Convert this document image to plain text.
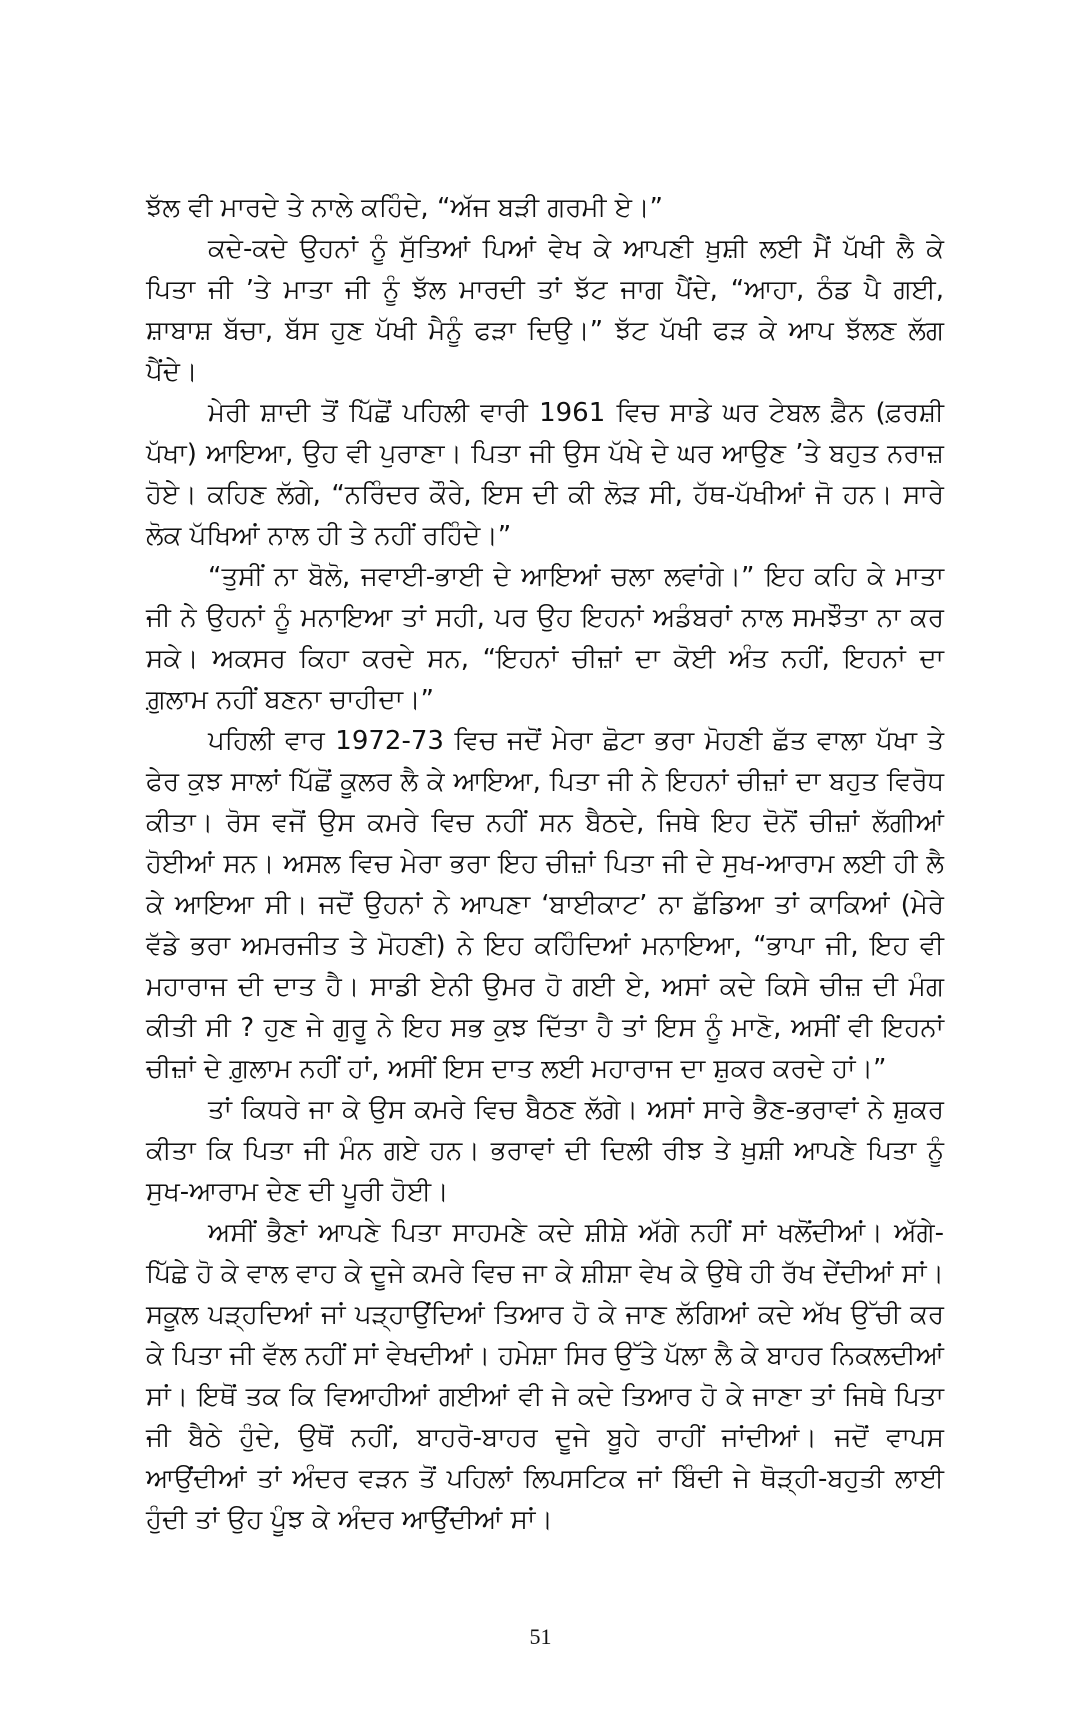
ਝੱਲ ਵੀ ਮਾਰਦੇ ਤੇ ਨਾਲੇ ਕਹਿੰਦੇ, “ਅੱਜ ਬੜੀ ਗਰਮੀ ਏ।”

ਕਦੇ-ਕਦੇ ਉਹਨਾਂ ਨੂੰ ਸੁੱਤਿਆਂ ਪਿਆਂ ਵੇਖ ਕੇ ਆਪਣੀ ਖ਼ੁਸ਼ੀ ਲਈ ਮੈਂ ਪੱਖੀ ਲੈ ਕੇ ਪਿਤਾ ਜੀ ’ਤੇ ਮਾਤਾ ਜੀ ਨੂੰ ਝੱਲ ਮਾਰਦੀ ਤਾਂ ਝੱਟ ਜਾਗ ਪੈਂਦੇ, “ਆਹਾ, ਠੰਡ ਪੈ ਗਈ, ਸ਼ਾਬਾਸ਼ ਬੱਚਾ, ਬੱਸ ਹੁਣ ਪੱਖੀ ਮੈਨੂੰ ਫੜਾ ਦਿਉ।” ਝੱਟ ਪੱਖੀ ਫੜ ਕੇ ਆਪ ਝੱਲਣ ਲੱਗ ਪੈਂਦੇ।

ਮੇਰੀ ਸ਼ਾਦੀ ਤੋਂ ਪਿੱਛੋਂ ਪਹਿਲੀ ਵਾਰੀ 1961 ਵਿਚ ਸਾਡੇ ਘਰ ਟੇਬਲ ਫ਼ੈਨ (ਫ਼ਰਸ਼ੀ ਪੱਖਾ) ਆਇਆ, ਉਹ ਵੀ ਪੁਰਾਣਾ। ਪਿਤਾ ਜੀ ਉਸ ਪੱਖੇ ਦੇ ਘਰ ਆਉਣ ’ਤੇ ਬਹੁਤ ਨਰਾਜ਼ ਹੋਏ। ਕਹਿਣ ਲੱਗੇ, “ਨਰਿੰਦਰ ਕੌਰੇ, ਇਸ ਦੀ ਕੀ ਲੋੜ ਸੀ, ਹੱਥ-ਪੱਖੀਆਂ ਜੋ ਹਨ। ਸਾਰੇ ਲੋਕ ਪੱਖਿਆਂ ਨਾਲ ਹੀ ਤੇ ਨਹੀਂ ਰਹਿੰਦੇ।”

“ਤੁਸੀਂ ਨਾ ਬੋਲੋ, ਜਵਾਈ-ਭਾਈ ਦੇ ਆਇਆਂ ਚਲਾ ਲਵਾਂਗੇ।” ਇਹ ਕਹਿ ਕੇ ਮਾਤਾ ਜੀ ਨੇ ਉਹਨਾਂ ਨੂੰ ਮਨਾਇਆ ਤਾਂ ਸਹੀ, ਪਰ ਉਹ ਇਹਨਾਂ ਅਡੰਬਰਾਂ ਨਾਲ ਸਮਝੌਤਾ ਨਾ ਕਰ ਸਕੇ। ਅਕਸਰ ਕਿਹਾ ਕਰਦੇ ਸਨ, “ਇਹਨਾਂ ਚੀਜ਼ਾਂ ਦਾ ਕੋਈ ਅੰਤ ਨਹੀਂ, ਇਹਨਾਂ ਦਾ ਗ਼ੁਲਾਮ ਨਹੀਂ ਬਣਨਾ ਚਾਹੀਦਾ।”

ਪਹਿਲੀ ਵਾਰ 1972-73 ਵਿਚ ਜਦੋਂ ਮੇਰਾ ਛੋਟਾ ਭਰਾ ਮੋਹਣੀ ਛੱਤ ਵਾਲਾ ਪੱਖਾ ਤੇ ਫੇਰ ਕੁਝ ਸਾਲਾਂ ਪਿੱਛੋਂ ਕੂਲਰ ਲੈ ਕੇ ਆਇਆ, ਪਿਤਾ ਜੀ ਨੇ ਇਹਨਾਂ ਚੀਜ਼ਾਂ ਦਾ ਬਹੁਤ ਵਿਰੋਧ ਕੀਤਾ। ਰੋਸ ਵਜੋਂ ਉਸ ਕਮਰੇ ਵਿਚ ਨਹੀਂ ਸਨ ਬੈਠਦੇ, ਜਿਥੇ ਇਹ ਦੋਨੋਂ ਚੀਜ਼ਾਂ ਲੱਗੀਆਂ ਹੋਈਆਂ ਸਨ। ਅਸਲ ਵਿਚ ਮੇਰਾ ਭਰਾ ਇਹ ਚੀਜ਼ਾਂ ਪਿਤਾ ਜੀ ਦੇ ਸੁਖ-ਆਰਾਮ ਲਈ ਹੀ ਲੈ ਕੇ ਆਇਆ ਸੀ। ਜਦੋਂ ਉਹਨਾਂ ਨੇ ਆਪਣਾ ‘ਬਾਈਕਾਟ’ ਨਾ ਛੱਡਿਆ ਤਾਂ ਕਾਕਿਆਂ (ਮੇਰੇ ਵੱਡੇ ਭਰਾ ਅਮਰਜੀਤ ਤੇ ਮੋਹਣੀ) ਨੇ ਇਹ ਕਹਿੰਦਿਆਂ ਮਨਾਇਆ, “ਭਾਪਾ ਜੀ, ਇਹ ਵੀ ਮਹਾਰਾਜ ਦੀ ਦਾਤ ਹੈ। ਸਾਡੀ ਏਨੀ ਉਮਰ ਹੋ ਗਈ ਏ, ਅਸਾਂ ਕਦੇ ਕਿਸੇ ਚੀਜ਼ ਦੀ ਮੰਗ ਕੀਤੀ ਸੀ ? ਹੁਣ ਜੇ ਗੁਰੂ ਨੇ ਇਹ ਸਭ ਕੁਝ ਦਿੱਤਾ ਹੈ ਤਾਂ ਇਸ ਨੂੰ ਮਾਣੋ, ਅਸੀਂ ਵੀ ਇਹਨਾਂ ਚੀਜ਼ਾਂ ਦੇ ਗ਼ੁਲਾਮ ਨਹੀਂ ਹਾਂ, ਅਸੀਂ ਇਸ ਦਾਤ ਲਈ ਮਹਾਰਾਜ ਦਾ ਸ਼ੁਕਰ ਕਰਦੇ ਹਾਂ।”

ਤਾਂ ਕਿਧਰੇ ਜਾ ਕੇ ਉਸ ਕਮਰੇ ਵਿਚ ਬੈਠਣ ਲੱਗੇ। ਅਸਾਂ ਸਾਰੇ ਭੈਣ-ਭਰਾਵਾਂ ਨੇ ਸ਼ੁਕਰ ਕੀਤਾ ਕਿ ਪਿਤਾ ਜੀ ਮੰਨ ਗਏ ਹਨ। ਭਰਾਵਾਂ ਦੀ ਦਿਲੀ ਰੀਝ ਤੇ ਖ਼ੁਸ਼ੀ ਆਪਣੇ ਪਿਤਾ ਨੂੰ ਸੁਖ-ਆਰਾਮ ਦੇਣ ਦੀ ਪੂਰੀ ਹੋਈ।

ਅਸੀਂ ਭੈਣਾਂ ਆਪਣੇ ਪਿਤਾ ਸਾਹਮਣੇ ਕਦੇ ਸ਼ੀਸ਼ੇ ਅੱਗੇ ਨਹੀਂ ਸਾਂ ਖਲੋਂਦੀਆਂ। ਅੱਗੇ-ਪਿੱਛੇ ਹੋ ਕੇ ਵਾਲ ਵਾਹ ਕੇ ਦੂਜੇ ਕਮਰੇ ਵਿਚ ਜਾ ਕੇ ਸ਼ੀਸ਼ਾ ਵੇਖ ਕੇ ਉਥੇ ਹੀ ਰੱਖ ਦੇਂਦੀਆਂ ਸਾਂ। ਸਕੂਲ ਪੜ੍ਹਦਿਆਂ ਜਾਂ ਪੜ੍ਹਾਉਂਦਿਆਂ ਤਿਆਰ ਹੋ ਕੇ ਜਾਣ ਲੱਗਿਆਂ ਕਦੇ ਅੱਖ ਉੱਚੀ ਕਰ ਕੇ ਪਿਤਾ ਜੀ ਵੱਲ ਨਹੀਂ ਸਾਂ ਵੇਖਦੀਆਂ। ਹਮੇਸ਼ਾ ਸਿਰ ਉੱਤੇ ਪੱਲਾ ਲੈ ਕੇ ਬਾਹਰ ਨਿਕਲਦੀਆਂ ਸਾਂ। ਇਥੋਂ ਤਕ ਕਿ ਵਿਆਹੀਆਂ ਗਈਆਂ ਵੀ ਜੇ ਕਦੇ ਤਿਆਰ ਹੋ ਕੇ ਜਾਣਾ ਤਾਂ ਜਿਥੇ ਪਿਤਾ ਜੀ ਬੈਠੇ ਹੁੰਦੇ, ਉਥੋਂ ਨਹੀਂ, ਬਾਹਰੋ-ਬਾਹਰ ਦੂਜੇ ਬੂਹੇ ਰਾਹੀਂ ਜਾਂਦੀਆਂ। ਜਦੋਂ ਵਾਪਸ ਆਉਂਦੀਆਂ ਤਾਂ ਅੰਦਰ ਵੜਨ ਤੋਂ ਪਹਿਲਾਂ ਲਿਪਸਟਿਕ ਜਾਂ ਬਿੰਦੀ ਜੇ ਥੋੜ੍ਹੀ-ਬਹੁਤੀ ਲਾਈ ਹੁੰਦੀ ਤਾਂ ਉਹ ਪੂੰਝ ਕੇ ਅੰਦਰ ਆਉਂਦੀਆਂ ਸਾਂ।

51
